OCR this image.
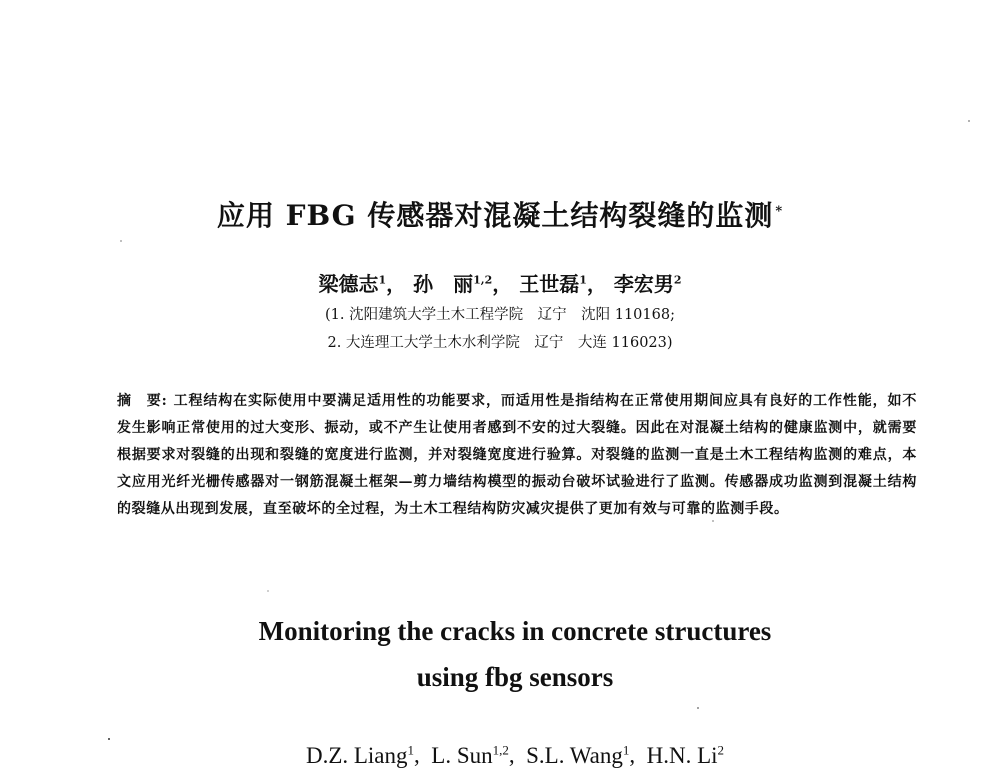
应用 FBG 传感器对混凝土结构裂缝的监测 *
梁德志$^1$， 孙　丽$^{1,2}$， 王世磊$^1$， 李宏男$^2$
(1. 沈阳建筑大学土木工程学院　辽宁　沈阳 110168;
2. 大连理工大学土木水利学院　辽宁　大连 116023)
摘　要: 工程结构在实际使用中要满足适用性的功能要求，而适用性是指结构在正常使用期间应具有良好的工作性能，如不发生影响正常使用的过大变形、振动，或不产生让使用者感到不安的过大裂缝。因此在对混凝土结构的健康监测中，就需要根据要求对裂缝的出现和裂缝的宽度进行监测，并对裂缝宽度进行验算。对裂缝的监测一直是土木工程结构监测的难点，本文应用光纤光栅传感器对一钢筋混凝土框架—剪力墙结构模型的振动台破坏试验进行了监测。传感器成功监测到混凝土结构的裂缝从出现到发展，直至破坏的全过程，为土木工程结构防灾减灾提供了更加有效与可靠的监测手段。
Monitoring the cracks in concrete structures
using fbg sensors
D.Z. Liang$^1$,  L. Sun$^{1,2}$,  S.L. Wang$^1$,  H.N. Li$^2$
